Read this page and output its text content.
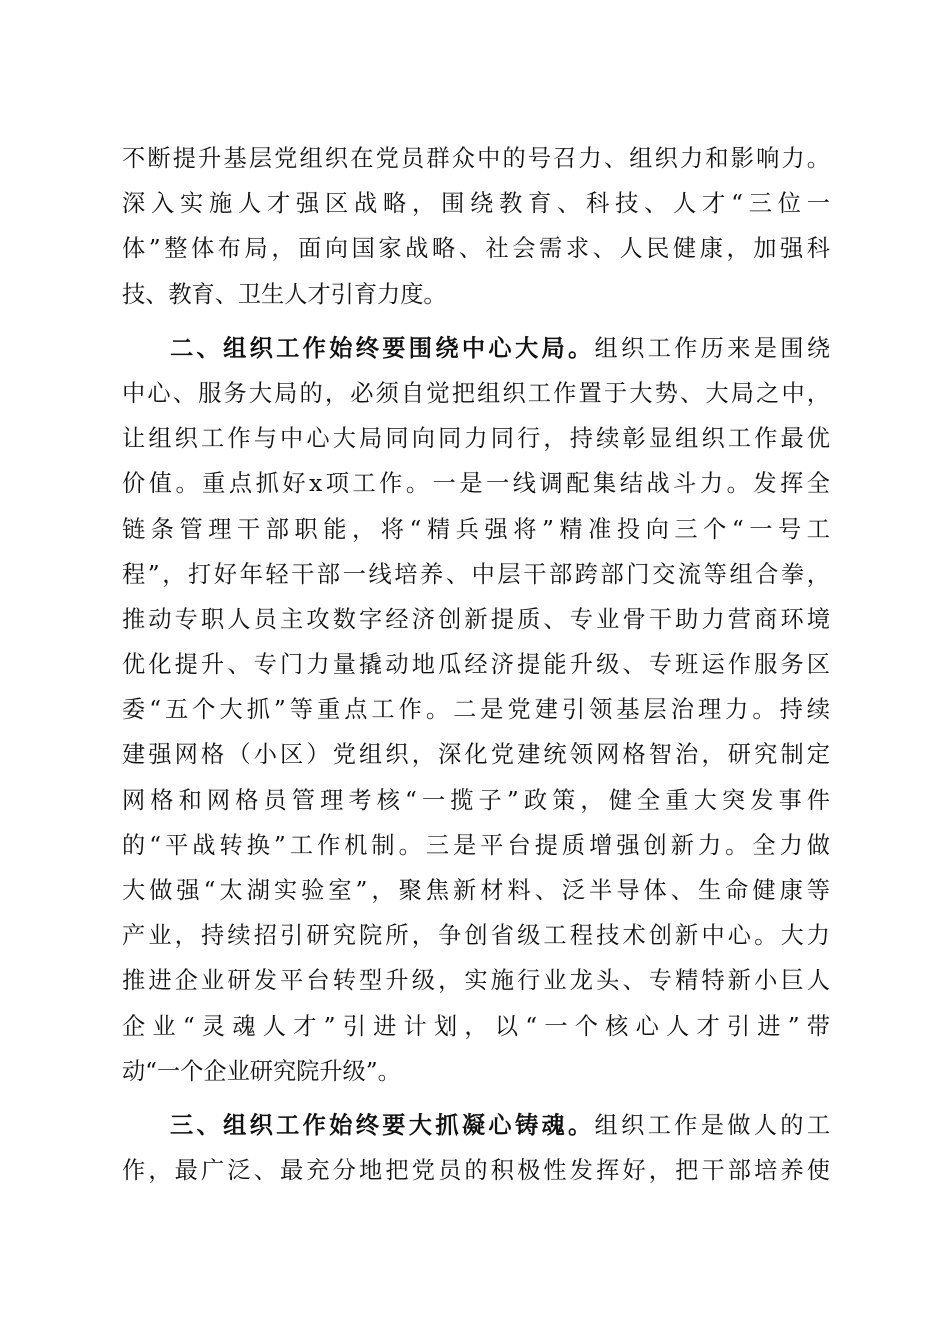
不断提升基层党组织在党员群众中的号召力、组织力和影响力。
深入实施人才强区战略，围绕教育、科技、人才“三位一
体”整体布局，面向国家战略、社会需求、人民健康，加强科
技、教育、卫生人才引育力度。
二、组织工作始终要围绕中心大局。组织工作历来是围绕
中心、服务大局的，必须自觉把组织工作置于大势、大局之中，
让组织工作与中心大局同向同力同行，持续彰显组织工作最优
价值。重点抓好x项工作。一是一线调配集结战斗力。发挥全
链条管理干部职能，将“精兵强将”精准投向三个“一号工
程”，打好年轻干部一线培养、中层干部跨部门交流等组合拳，
推动专职人员主攻数字经济创新提质、专业骨干助力营商环境
优化提升、专门力量撬动地瓜经济提能升级、专班运作服务区
委“五个大抓”等重点工作。二是党建引领基层治理力。持续
建强网格（小区）党组织，深化党建统领网格智治，研究制定
网格和网格员管理考核“一揽子”政策，健全重大突发事件
的“平战转换”工作机制。三是平台提质增强创新力。全力做
大做强“太湖实验室”，聚焦新材料、泛半导体、生命健康等
产业，持续招引研究院所，争创省级工程技术创新中心。大力
推进企业研发平台转型升级，实施行业龙头、专精特新小巨人
企业“灵魂人才”引进计划，以“一个核心人才引进”带
动“一个企业研究院升级”。
三、组织工作始终要大抓凝心铸魂。组织工作是做人的工
作，最广泛、最充分地把党员的积极性发挥好，把干部培养使
